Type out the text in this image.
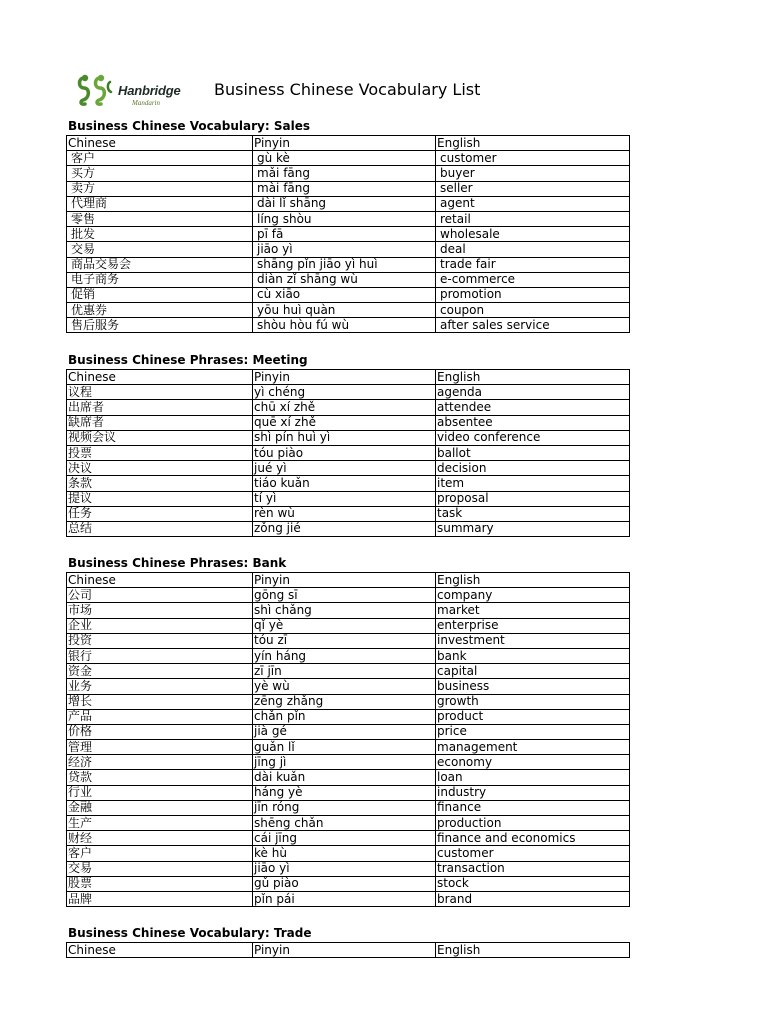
Hanbridge
Mandarin
Business Chinese Vocabulary List
Business Chinese Vocabulary: Sales
Chinese	Pinyin	English
客户	gù kè	customer
买方	mǎi fāng	buyer
卖方	mài fāng	seller
代理商	dài lǐ shāng	agent
零售	líng shòu	retail
批发	pī fā	wholesale
交易	jiāo yì	deal
商品交易会	shāng pǐn jiāo yì huì	trade fair
电子商务	diàn zǐ shāng wù	e-commerce
促销	cù xiāo	promotion
优惠券	yōu huì quàn	coupon
售后服务	shòu hòu fú wù	after sales service
Business Chinese Phrases: Meeting
Chinese	Pinyin	English
议程	yì chéng	agenda
出席者	chū xí zhě	attendee
缺席者	quē xí zhě	absentee
视频会议	shì pín huì yì	video conference
投票	tóu piào	ballot
决议	jué yì	decision
条款	tiáo kuǎn	item
提议	tí yì	proposal
任务	rèn wù	task
总结	zǒng jié	summary
Business Chinese Phrases: Bank
Chinese	Pinyin	English
公司	gōng sī	company
市场	shì chǎng	market
企业	qǐ yè	enterprise
投资	tóu zī	investment
银行	yín háng	bank
资金	zī jīn	capital
业务	yè wù	business
增长	zēng zhǎng	growth
产品	chǎn pǐn	product
价格	jià gé	price
管理	guǎn lǐ	management
经济	jīng jì	economy
贷款	dài kuǎn	loan
行业	háng yè	industry
金融	jīn róng	finance
生产	shēng chǎn	production
财经	cái jīng	finance and economics
客户	kè hù	customer
交易	jiāo yì	transaction
股票	gǔ piào	stock
品牌	pǐn pái	brand
Business Chinese Vocabulary: Trade
Chinese	Pinyin	English
